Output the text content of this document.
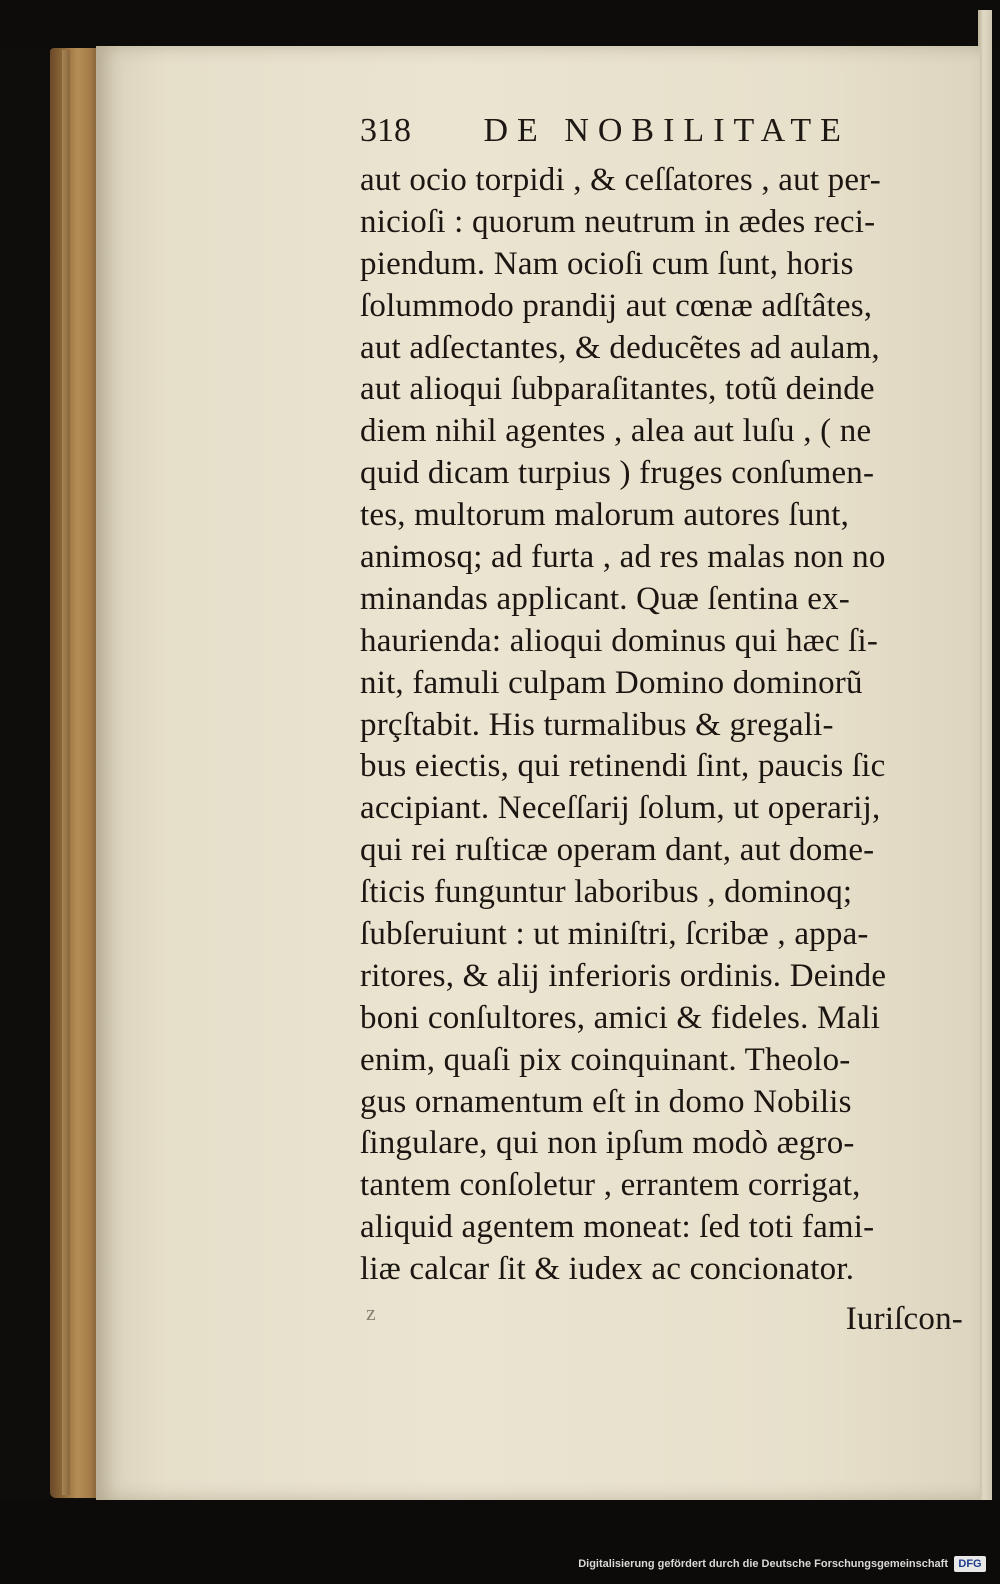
318 DE NOBILITATE
aut ocio torpidi , & ceſſatores , aut per-
nicioſi : quorum neutrum in ædes reci-
piendum. Nam ocioſi cum ſunt, horis
ſolummodo prandij aut cœnæ adſtâtes,
aut adſectantes, & deducẽtes ad aulam,
aut alioqui ſubparaſitantes, totũ deinde
diem nihil agentes , alea aut luſu , ( ne
quid dicam turpius ) fruges conſumen-
tes, multorum malorum autores ſunt,
animosq; ad furta , ad res malas non no
minandas applicant. Quæ ſentina ex-
haurienda: alioqui dominus qui hæc ſi-
nit, famuli culpam Domino dominorũ
prçſtabit. His turmalibus & gregali-
bus eiectis, qui retinendi ſint, paucis ſic
accipiant. Neceſſarij ſolum, ut operarij,
qui rei ruſticæ operam dant, aut dome-
ſticis funguntur laboribus , dominoq;
ſubſeruiunt : ut miniſtri, ſcribæ , appa-
ritores, & alij inferioris ordinis. Deinde
boni conſultores, amici & fideles. Mali
enim, quaſi pix coinquinant. Theolo-
gus ornamentum eſt in domo Nobilis
ſingulare, qui non ipſum modò ægro-
tantem conſoletur , errantem corrigat,
aliquid agentem moneat: ſed toti fami-
liæ calcar ſit & iudex ac concionator.
Iuriſcon-
z
Digitalisierung gefördert durch die Deutsche Forschungsgemeinschaft DFG
